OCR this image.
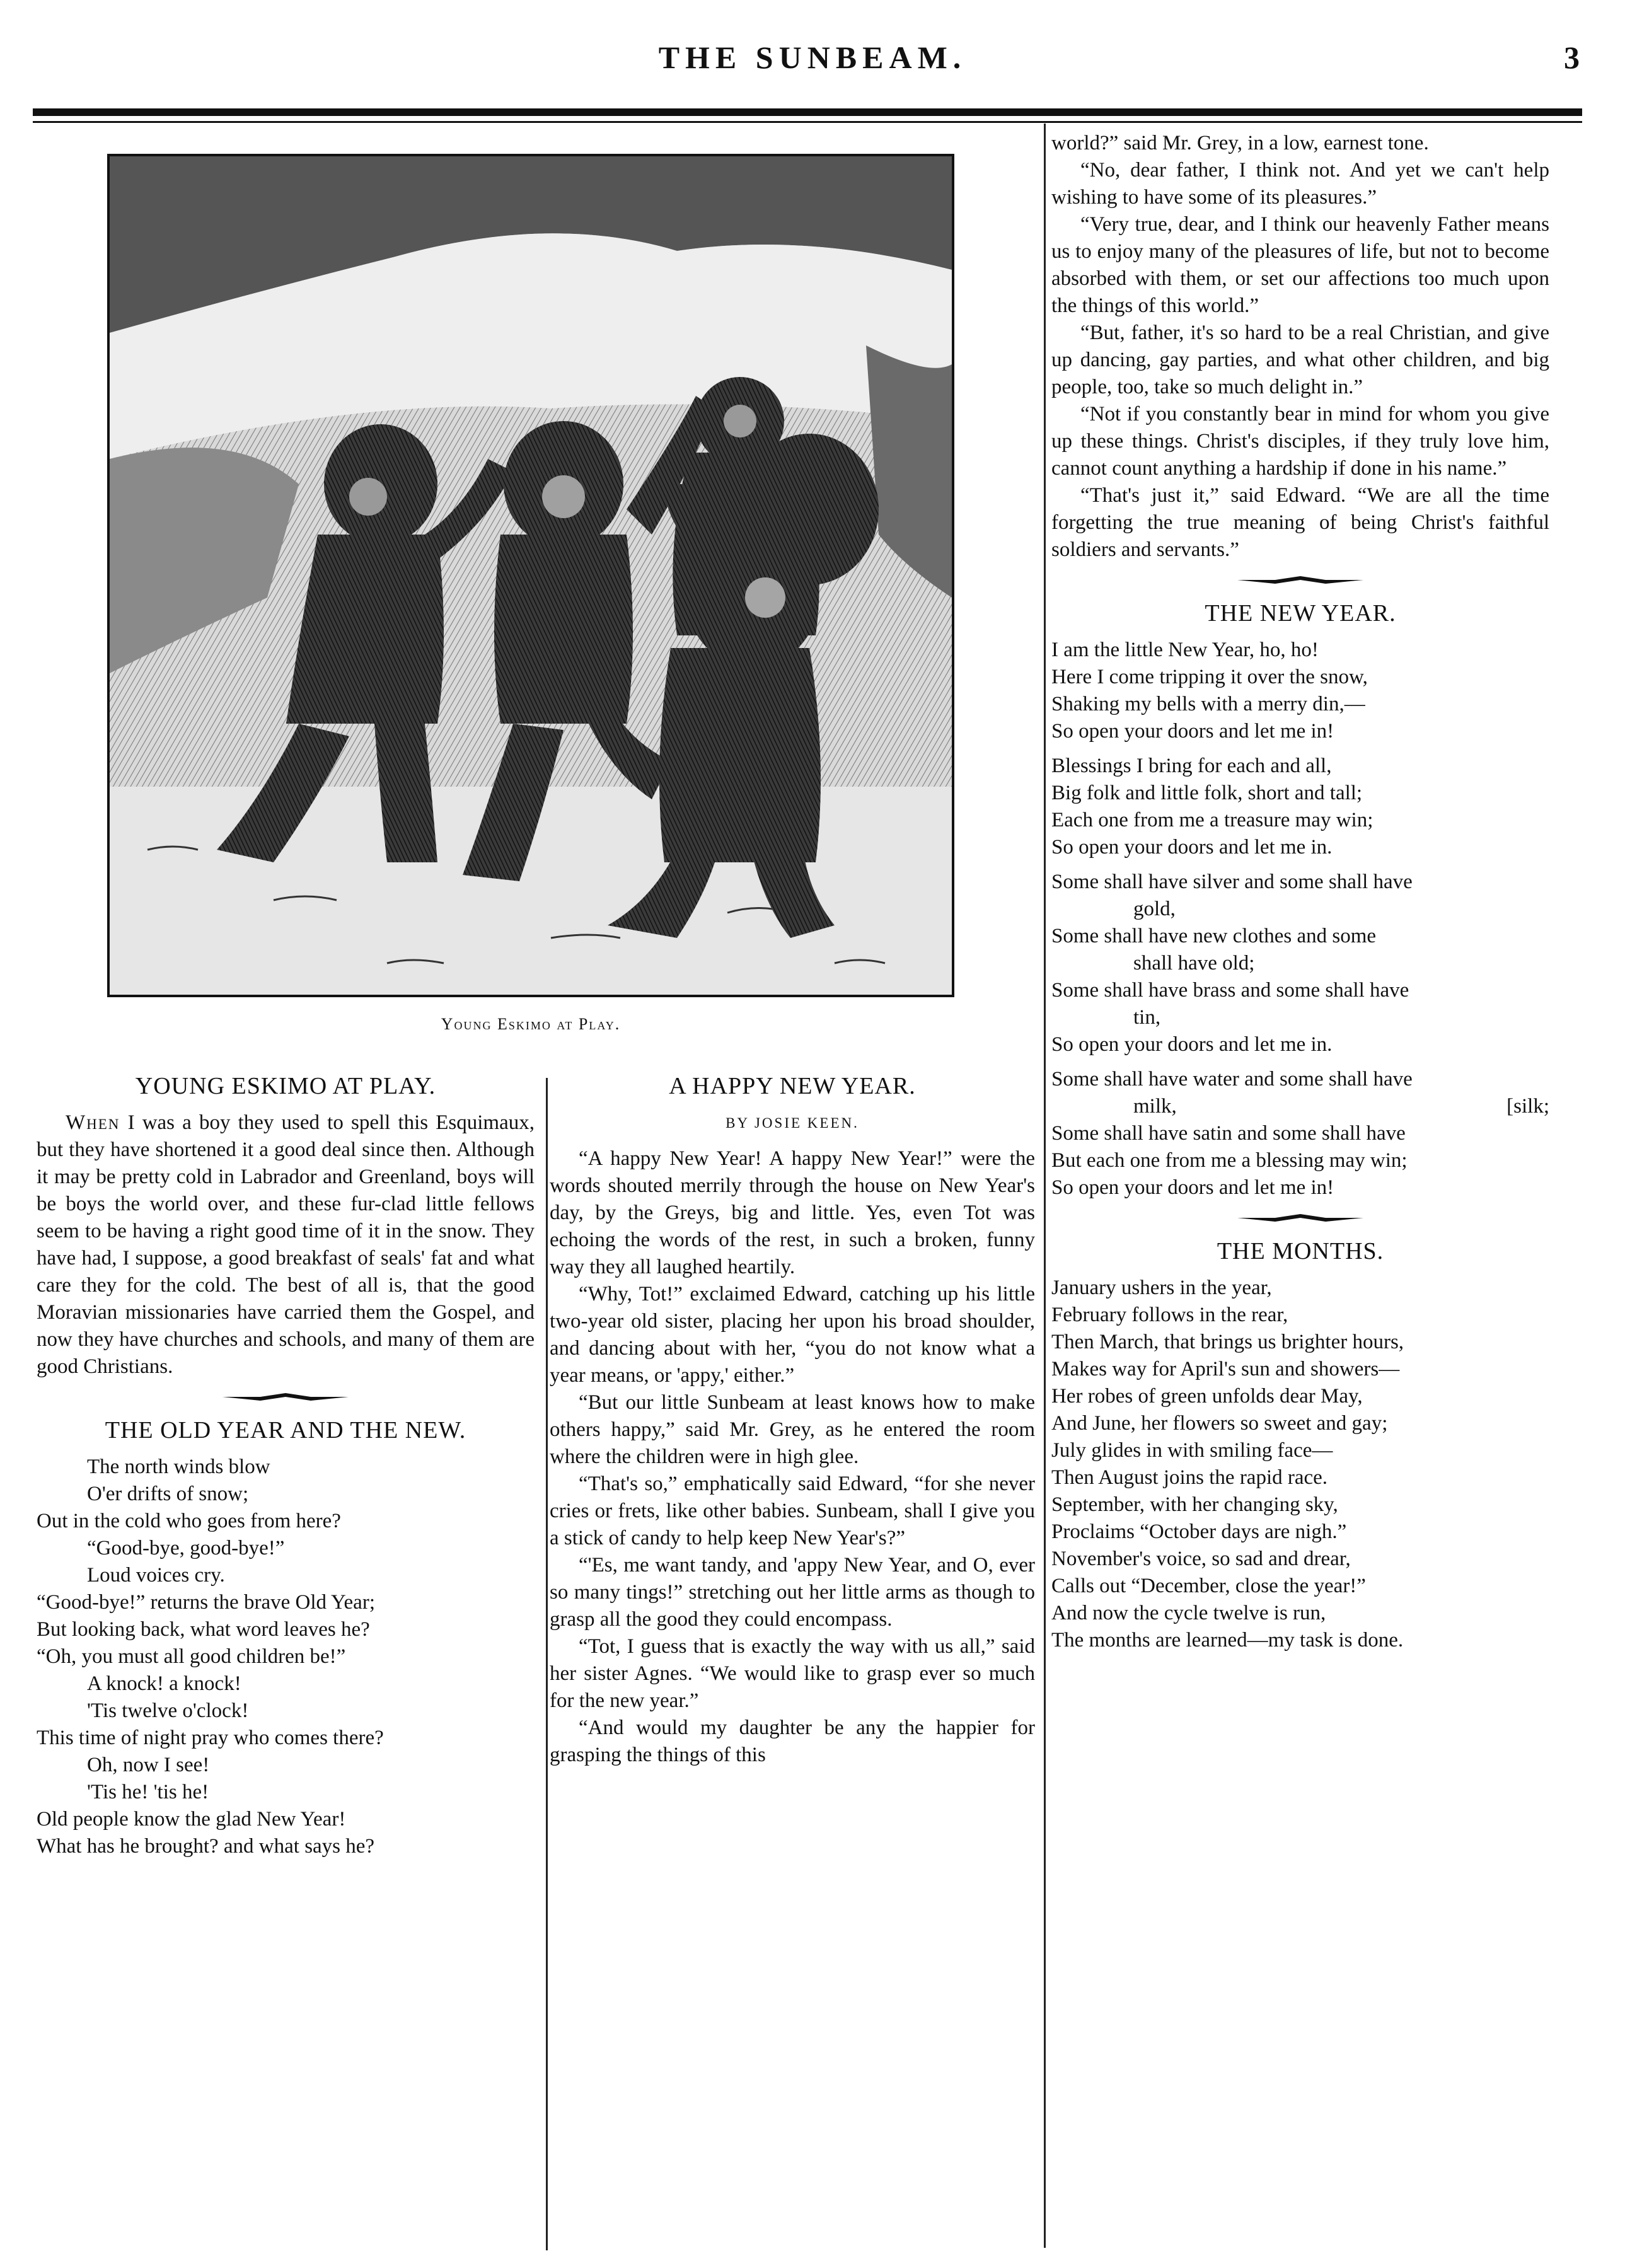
THE SUNBEAM.	3
Young Eskimo at Play.
YOUNG ESKIMO AT PLAY.

When I was a boy they used to spell this Esquimaux, but they have shortened it a good deal since then. Although it may be pretty cold in Labrador and Greenland, boys will be boys the world over, and these fur-clad little fellows seem to be having a right good time of it in the snow. They have had, I suppose, a good breakfast of seals' fat and what care they for the cold. The best of all is, that the good Moravian missionaries have carried them the Gospel, and now they have churches and schools, and many of them are good Christians.

THE OLD YEAR AND THE NEW.
The north winds blow
O'er drifts of snow;
Out in the cold who goes from here?
“Good-bye, good-bye!”
Loud voices cry.
“Good-bye!” returns the brave Old Year;
But looking back, what word leaves he?
“Oh, you must all good children be!”
A knock! a knock!
'Tis twelve o'clock!
This time of night pray who comes there?
Oh, now I see!
'Tis he! 'tis he!
Old people know the glad New Year!
What has he brought? and what says he?
A HAPPY NEW YEAR.
BY JOSIE KEEN.

“A happy New Year! A happy New Year!” were the words shouted merrily through the house on New Year's day, by the Greys, big and little. Yes, even Tot was echoing the words of the rest, in such a broken, funny way they all laughed heartily.

“Why, Tot!” exclaimed Edward, catching up his little two-year old sister, placing her upon his broad shoulder, and dancing about with her, “you do not know what a year means, or 'appy,' either.”

“But our little Sunbeam at least knows how to make others happy,” said Mr. Grey, as he entered the room where the children were in high glee.

“That's so,” emphatically said Edward, “for she never cries or frets, like other babies. Sunbeam, shall I give you a stick of candy to help keep New Year's?”

“'Es, me want tandy, and 'appy New Year, and O, ever so many tings!” stretching out her little arms as though to grasp all the good they could encompass.

“Tot, I guess that is exactly the way with us all,” said her sister Agnes. “We would like to grasp ever so much for the new year.”

“And would my daughter be any the happier for grasping the things of this

world?” said Mr. Grey, in a low, earnest tone.

“No, dear father, I think not. And yet we can't help wishing to have some of its pleasures.”

“Very true, dear, and I think our heavenly Father means us to enjoy many of the pleasures of life, but not to become absorbed with them, or set our affections too much upon the things of this world.”

“But, father, it's so hard to be a real Christian, and give up dancing, gay parties, and what other children, and big people, too, take so much delight in.”

“Not if you constantly bear in mind for whom you give up these things. Christ's disciples, if they truly love him, cannot count anything a hardship if done in his name.”

“That's just it,” said Edward. “We are all the time forgetting the true meaning of being Christ's faithful soldiers and servants.”

THE NEW YEAR.
I am the little New Year, ho, ho!
Here I come tripping it over the snow,
Shaking my bells with a merry din,—
So open your doors and let me in!
Blessings I bring for each and all,
Big folk and little folk, short and tall;
Each one from me a treasure may win;
So open your doors and let me in.
Some shall have silver and some shall have
gold,
Some shall have new clothes and some
shall have old;
Some shall have brass and some shall have
tin,
So open your doors and let me in.
Some shall have water and some shall have
milk,	[silk;
Some shall have satin and some shall have
But each one from me a blessing may win;
So open your doors and let me in!
THE MONTHS.
January ushers in the year,
February follows in the rear,
Then March, that brings us brighter hours,
Makes way for April's sun and showers—
Her robes of green unfolds dear May,
And June, her flowers so sweet and gay;
July glides in with smiling face—
Then August joins the rapid race.
September, with her changing sky,
Proclaims “October days are nigh.”
November's voice, so sad and drear,
Calls out “December, close the year!”
And now the cycle twelve is run,
The months are learned—my task is done.
